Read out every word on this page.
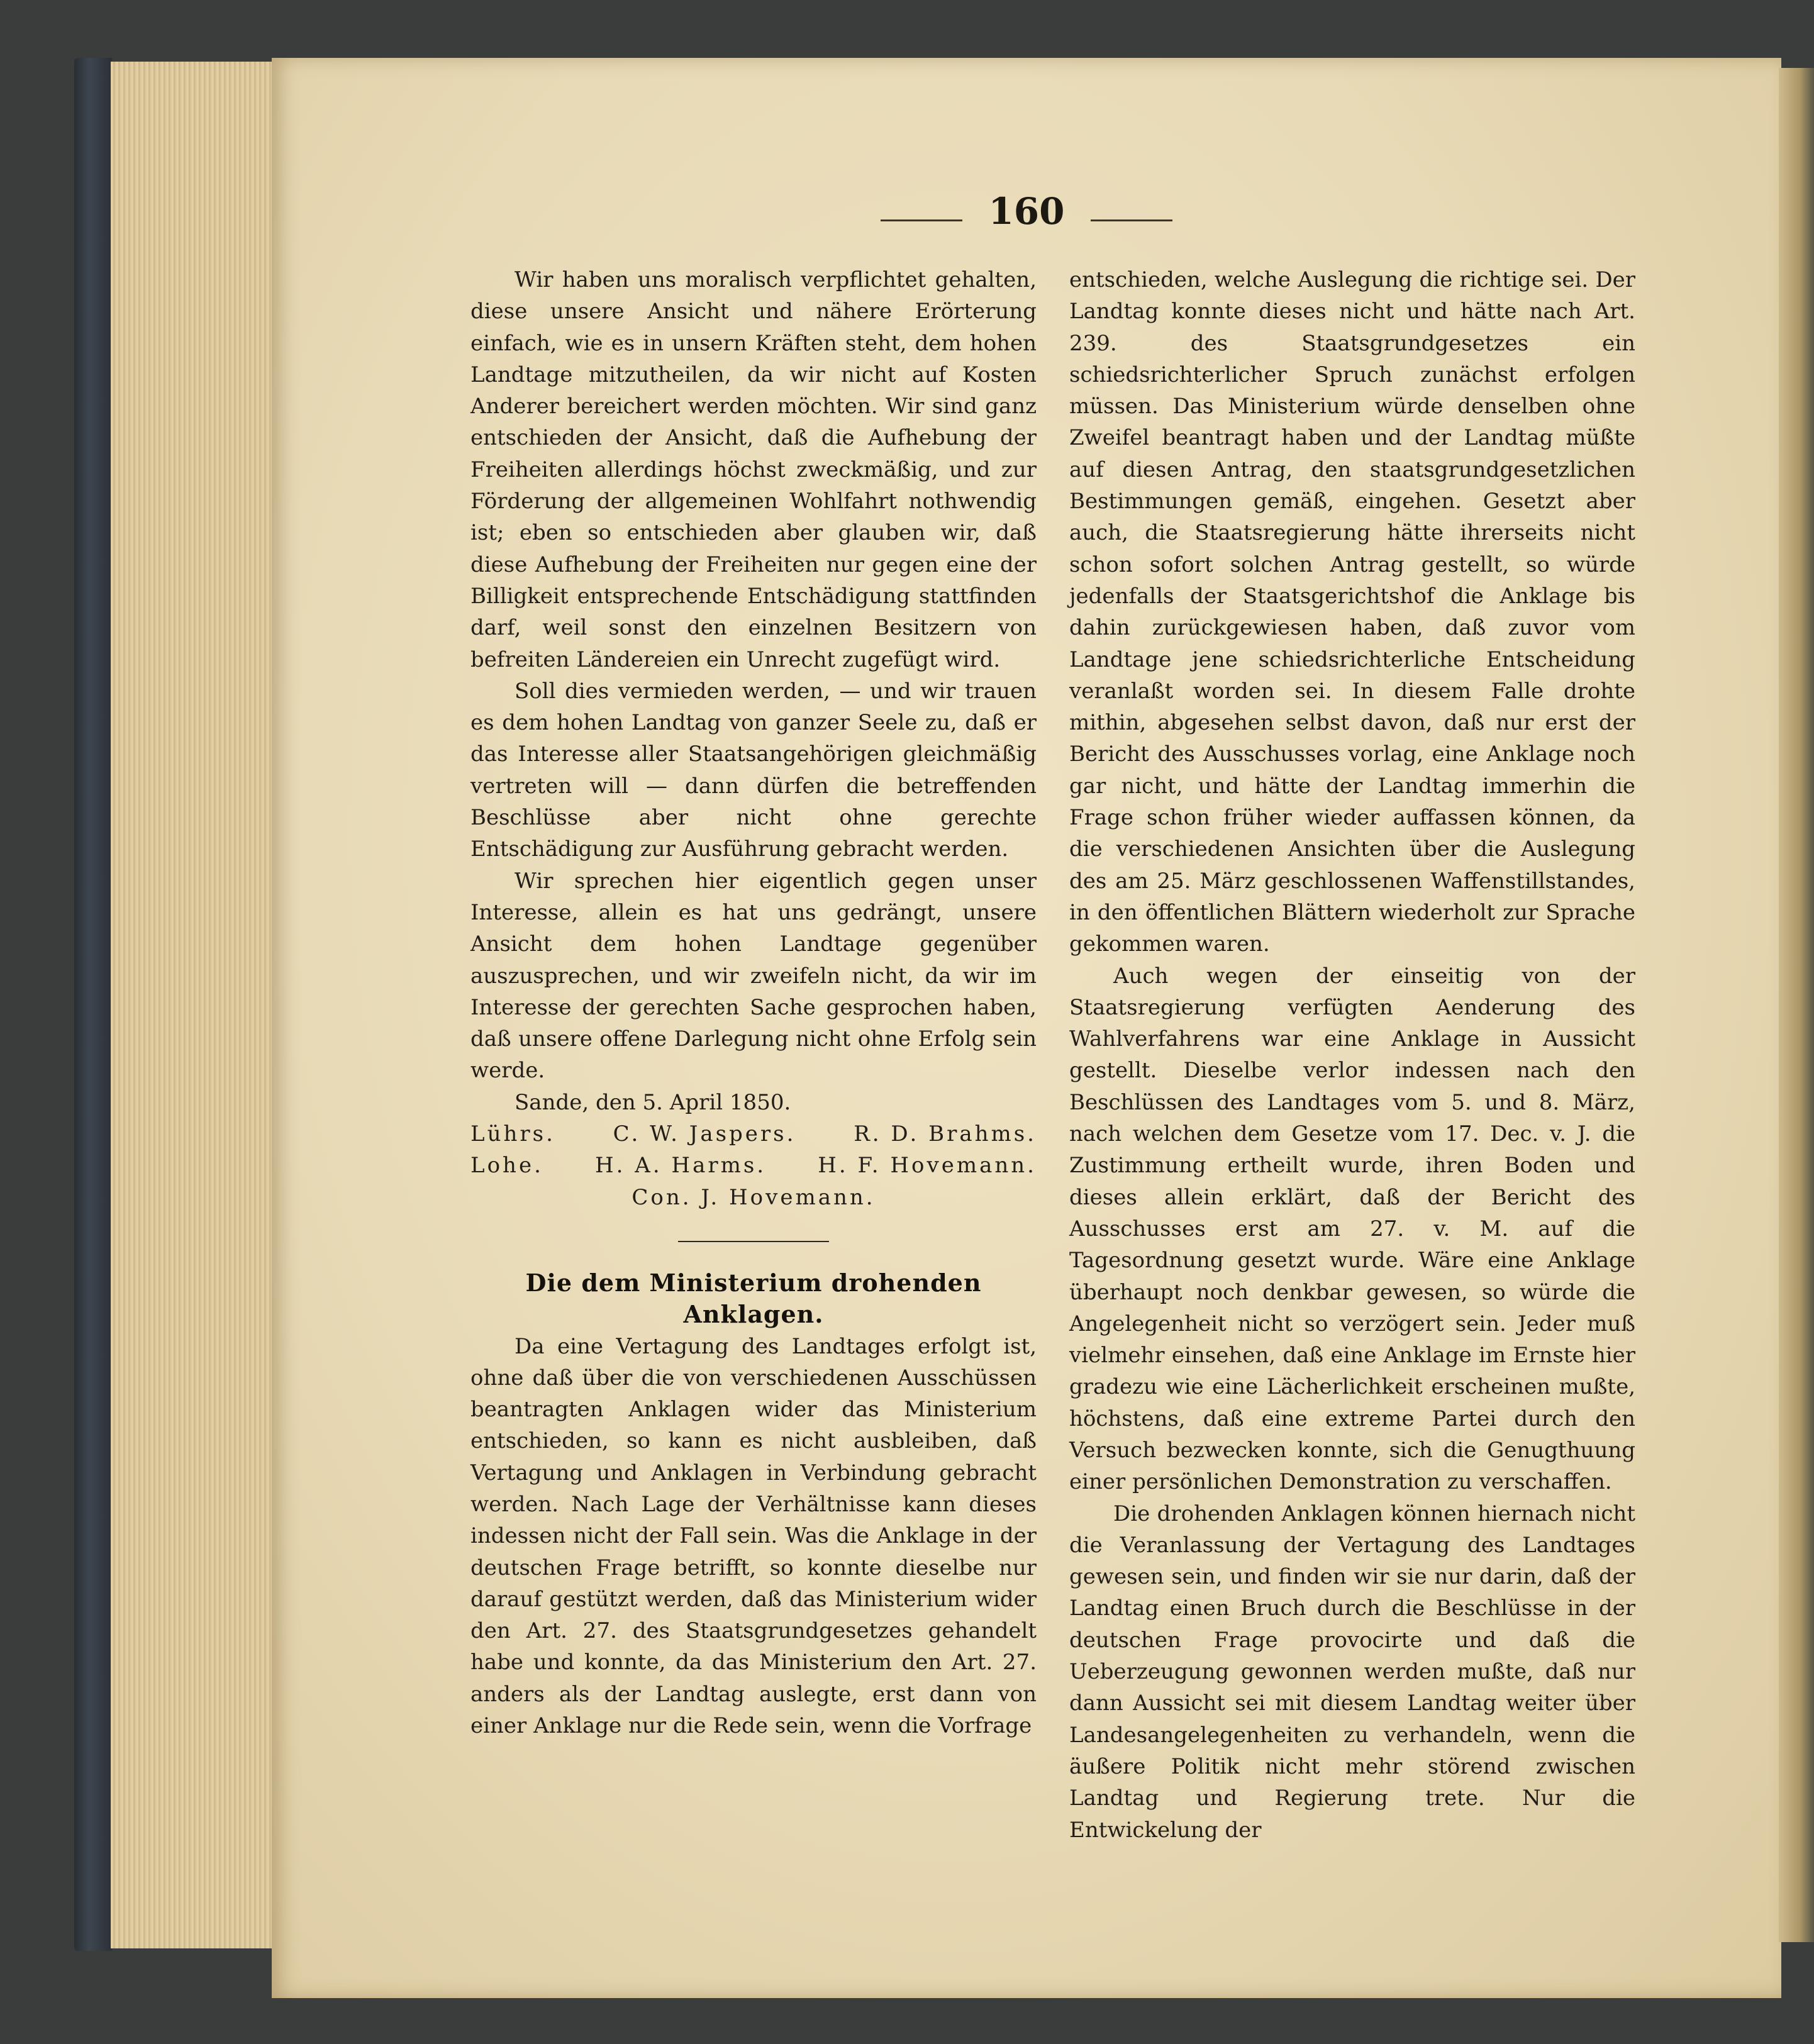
160

Wir haben uns moralisch verpflichtet gehalten, diese unsere Ansicht und nähere Erörterung einfach, wie es in unsern Kräften steht, dem hohen Landtage mitzutheilen, da wir nicht auf Kosten Anderer bereichert werden möchten. Wir sind ganz entschieden der Ansicht, daß die Aufhebung der Freiheiten allerdings höchst zweckmäßig, und zur Förderung der allgemeinen Wohlfahrt nothwendig ist; eben so entschieden aber glauben wir, daß diese Aufhebung der Freiheiten nur gegen eine der Billigkeit entsprechende Entschädigung stattfinden darf, weil sonst den einzelnen Besitzern von befreiten Ländereien ein Unrecht zugefügt wird.

Soll dies vermieden werden, — und wir trauen es dem hohen Landtag von ganzer Seele zu, daß er das Interesse aller Staatsangehörigen gleichmäßig vertreten will — dann dürfen die betreffenden Beschlüsse aber nicht ohne gerechte Entschädigung zur Ausführung gebracht werden.

Wir sprechen hier eigentlich gegen unser Interesse, allein es hat uns gedrängt, unsere Ansicht dem hohen Landtage gegenüber auszusprechen, und wir zweifeln nicht, da wir im Interesse der gerechten Sache gesprochen haben, daß unsere offene Darlegung nicht ohne Erfolg sein werde.

Sande, den 5. April 1850.

Lührs.	C. W. Jaspers.	R. D. Brahms.
Lohe. H. A. Harms. H. F. Hovemann.
Con. J. Hovemann.

Die dem Ministerium drohenden Anklagen.

Da eine Vertagung des Landtages erfolgt ist, ohne daß über die von verschiedenen Ausschüssen beantragten Anklagen wider das Ministerium entschieden, so kann es nicht ausbleiben, daß Vertagung und Anklagen in Verbindung gebracht werden. Nach Lage der Verhältnisse kann dieses indessen nicht der Fall sein. Was die Anklage in der deutschen Frage betrifft, so konnte dieselbe nur darauf gestützt werden, daß das Ministerium wider den Art. 27. des Staatsgrundgesetzes gehandelt habe und konnte, da das Ministerium den Art. 27. anders als der Landtag auslegte, erst dann von einer Anklage nur die Rede sein, wenn die Vorfrage

entschieden, welche Auslegung die richtige sei. Der Landtag konnte dieses nicht und hätte nach Art. 239. des Staatsgrundgesetzes ein schiedsrichterlicher Spruch zunächst erfolgen müssen. Das Ministerium würde denselben ohne Zweifel beantragt haben und der Landtag müßte auf diesen Antrag, den staatsgrundgesetzlichen Bestimmungen gemäß, eingehen. Gesetzt aber auch, die Staatsregierung hätte ihrerseits nicht schon sofort solchen Antrag gestellt, so würde jedenfalls der Staatsgerichtshof die Anklage bis dahin zurückgewiesen haben, daß zuvor vom Landtage jene schiedsrichterliche Entscheidung veranlaßt worden sei. In diesem Falle drohte mithin, abgesehen selbst davon, daß nur erst der Bericht des Ausschusses vorlag, eine Anklage noch gar nicht, und hätte der Landtag immerhin die Frage schon früher wieder auffassen können, da die verschiedenen Ansichten über die Auslegung des am 25. März geschlossenen Waffenstillstandes, in den öffentlichen Blättern wiederholt zur Sprache gekommen waren.

Auch wegen der einseitig von der Staatsregierung verfügten Aenderung des Wahlverfahrens war eine Anklage in Aussicht gestellt. Dieselbe verlor indessen nach den Beschlüssen des Landtages vom 5. und 8. März, nach welchen dem Gesetze vom 17. Dec. v. J. die Zustimmung ertheilt wurde, ihren Boden und dieses allein erklärt, daß der Bericht des Ausschusses erst am 27. v. M. auf die Tagesordnung gesetzt wurde. Wäre eine Anklage überhaupt noch denkbar gewesen, so würde die Angelegenheit nicht so verzögert sein. Jeder muß vielmehr einsehen, daß eine Anklage im Ernste hier gradezu wie eine Lächerlichkeit erscheinen mußte, höchstens, daß eine extreme Partei durch den Versuch bezwecken konnte, sich die Genugthuung einer persönlichen Demonstration zu verschaffen.

Die drohenden Anklagen können hiernach nicht die Veranlassung der Vertagung des Landtages gewesen sein, und finden wir sie nur darin, daß der Landtag einen Bruch durch die Beschlüsse in der deutschen Frage provocirte und daß die Ueberzeugung gewonnen werden mußte, daß nur dann Aussicht sei mit diesem Landtag weiter über Landesangelegenheiten zu verhandeln, wenn die äußere Politik nicht mehr störend zwischen Landtag und Regierung trete. Nur die Entwickelung der
